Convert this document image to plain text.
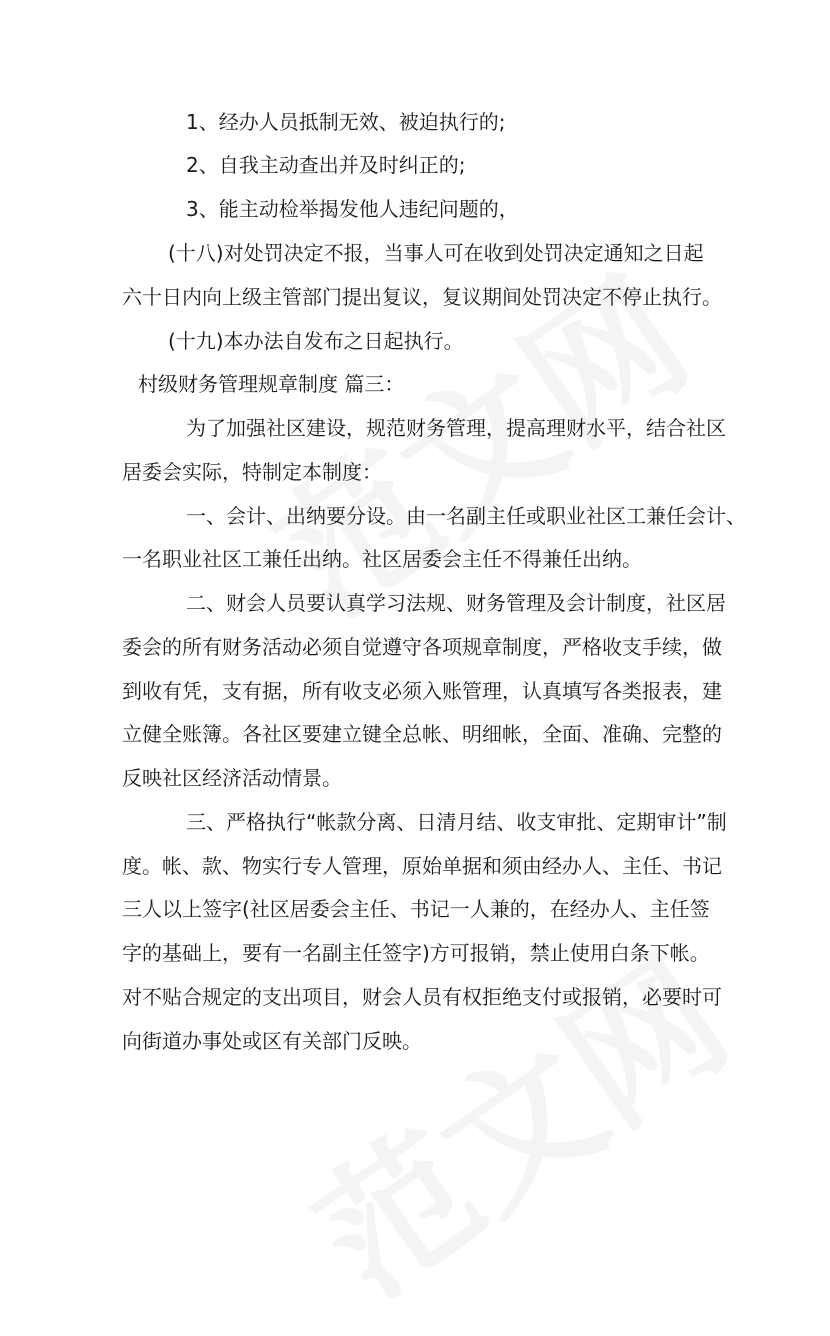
1、经办人员抵制无效、被迫执行的;
2、自我主动查出并及时纠正的;
3、能主动检举揭发他人违纪问题的，
(十八)对处罚决定不报，当事人可在收到处罚决定通知之日起
六十日内向上级主管部门提出复议，复议期间处罚决定不停止执行。
(十九)本办法自发布之日起执行。
村级财务管理规章制度 篇三：
为了加强社区建设，规范财务管理，提高理财水平，结合社区
居委会实际，特制定本制度：
一、会计、出纳要分设。由一名副主任或职业社区工兼任会计、
一名职业社区工兼任出纳。社区居委会主任不得兼任出纳。
二、财会人员要认真学习法规、财务管理及会计制度，社区居
委会的所有财务活动必须自觉遵守各项规章制度，严格收支手续，做
到收有凭，支有据，所有收支必须入账管理，认真填写各类报表，建
立健全账簿。各社区要建立键全总帐、明细帐，全面、准确、完整的
反映社区经济活动情景。
三、严格执行“帐款分离、日清月结、收支审批、定期审计”制
度。帐、款、物实行专人管理，原始单据和须由经办人、主任、书记
三人以上签字(社区居委会主任、书记一人兼的，在经办人、主任签
字的基础上，要有一名副主任签字)方可报销，禁止使用白条下帐。
对不贴合规定的支出项目，财会人员有权拒绝支付或报销，必要时可
向街道办事处或区有关部门反映。
